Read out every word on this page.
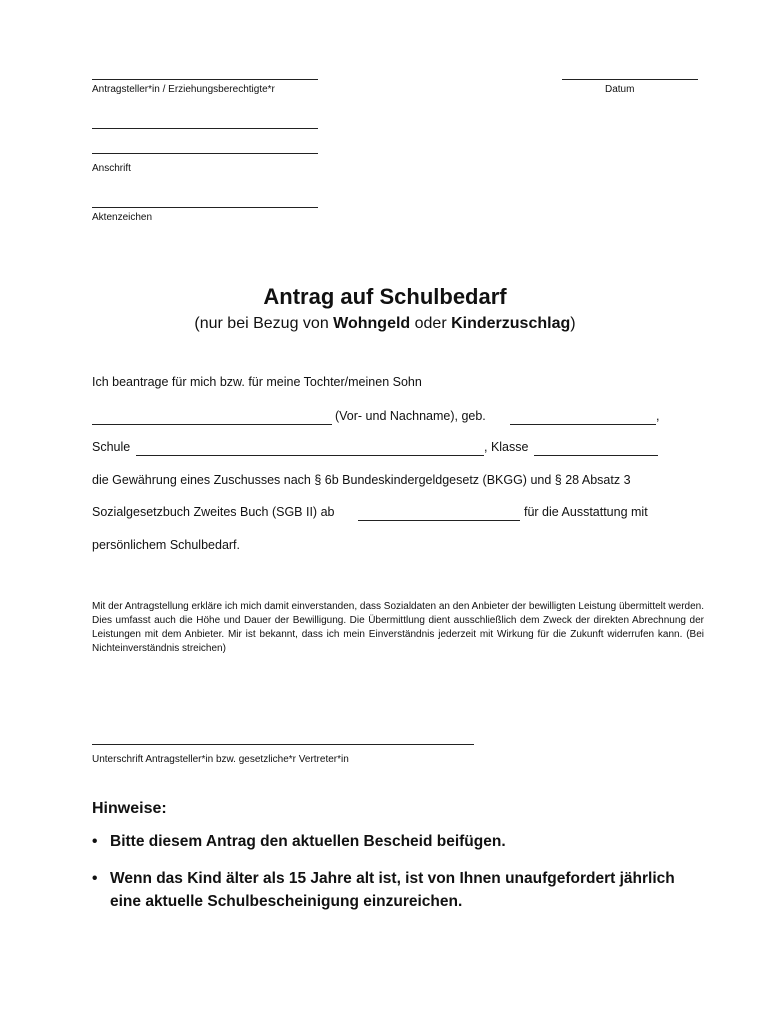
Antragsteller*in / Erziehungsberechtigte*r	Datum
Anschrift
Aktenzeichen
Antrag auf Schulbedarf
(nur bei Bezug von Wohngeld oder Kinderzuschlag)
Ich beantrage für mich bzw. für meine Tochter/meinen Sohn
(Vor- und Nachname), geb.	,
Schule	, Klasse
die Gewährung eines Zuschusses nach § 6b Bundeskindergeldgesetz (BKGG) und § 28 Absatz 3
Sozialgesetzbuch Zweites Buch (SGB II) ab	für die Ausstattung mit
persönlichem Schulbedarf.
Mit der Antragstellung erkläre ich mich damit einverstanden, dass Sozialdaten an den Anbieter der bewilligten Leistung übermittelt werden. Dies umfasst auch die Höhe und Dauer der Bewilligung. Die Übermittlung dient ausschließlich dem Zweck der direkten Abrechnung der Leistungen mit dem Anbieter. Mir ist bekannt, dass ich mein Einverständnis jederzeit mit Wirkung für die Zukunft widerrufen kann. (Bei Nichteinverständnis streichen)
Unterschrift Antragsteller*in bzw. gesetzliche*r Vertreter*in
Hinweise:
• Bitte diesem Antrag den aktuellen Bescheid beifügen.
• Wenn das Kind älter als 15 Jahre alt ist, ist von Ihnen unaufgefordert jährlich eine aktuelle Schulbescheinigung einzureichen.
